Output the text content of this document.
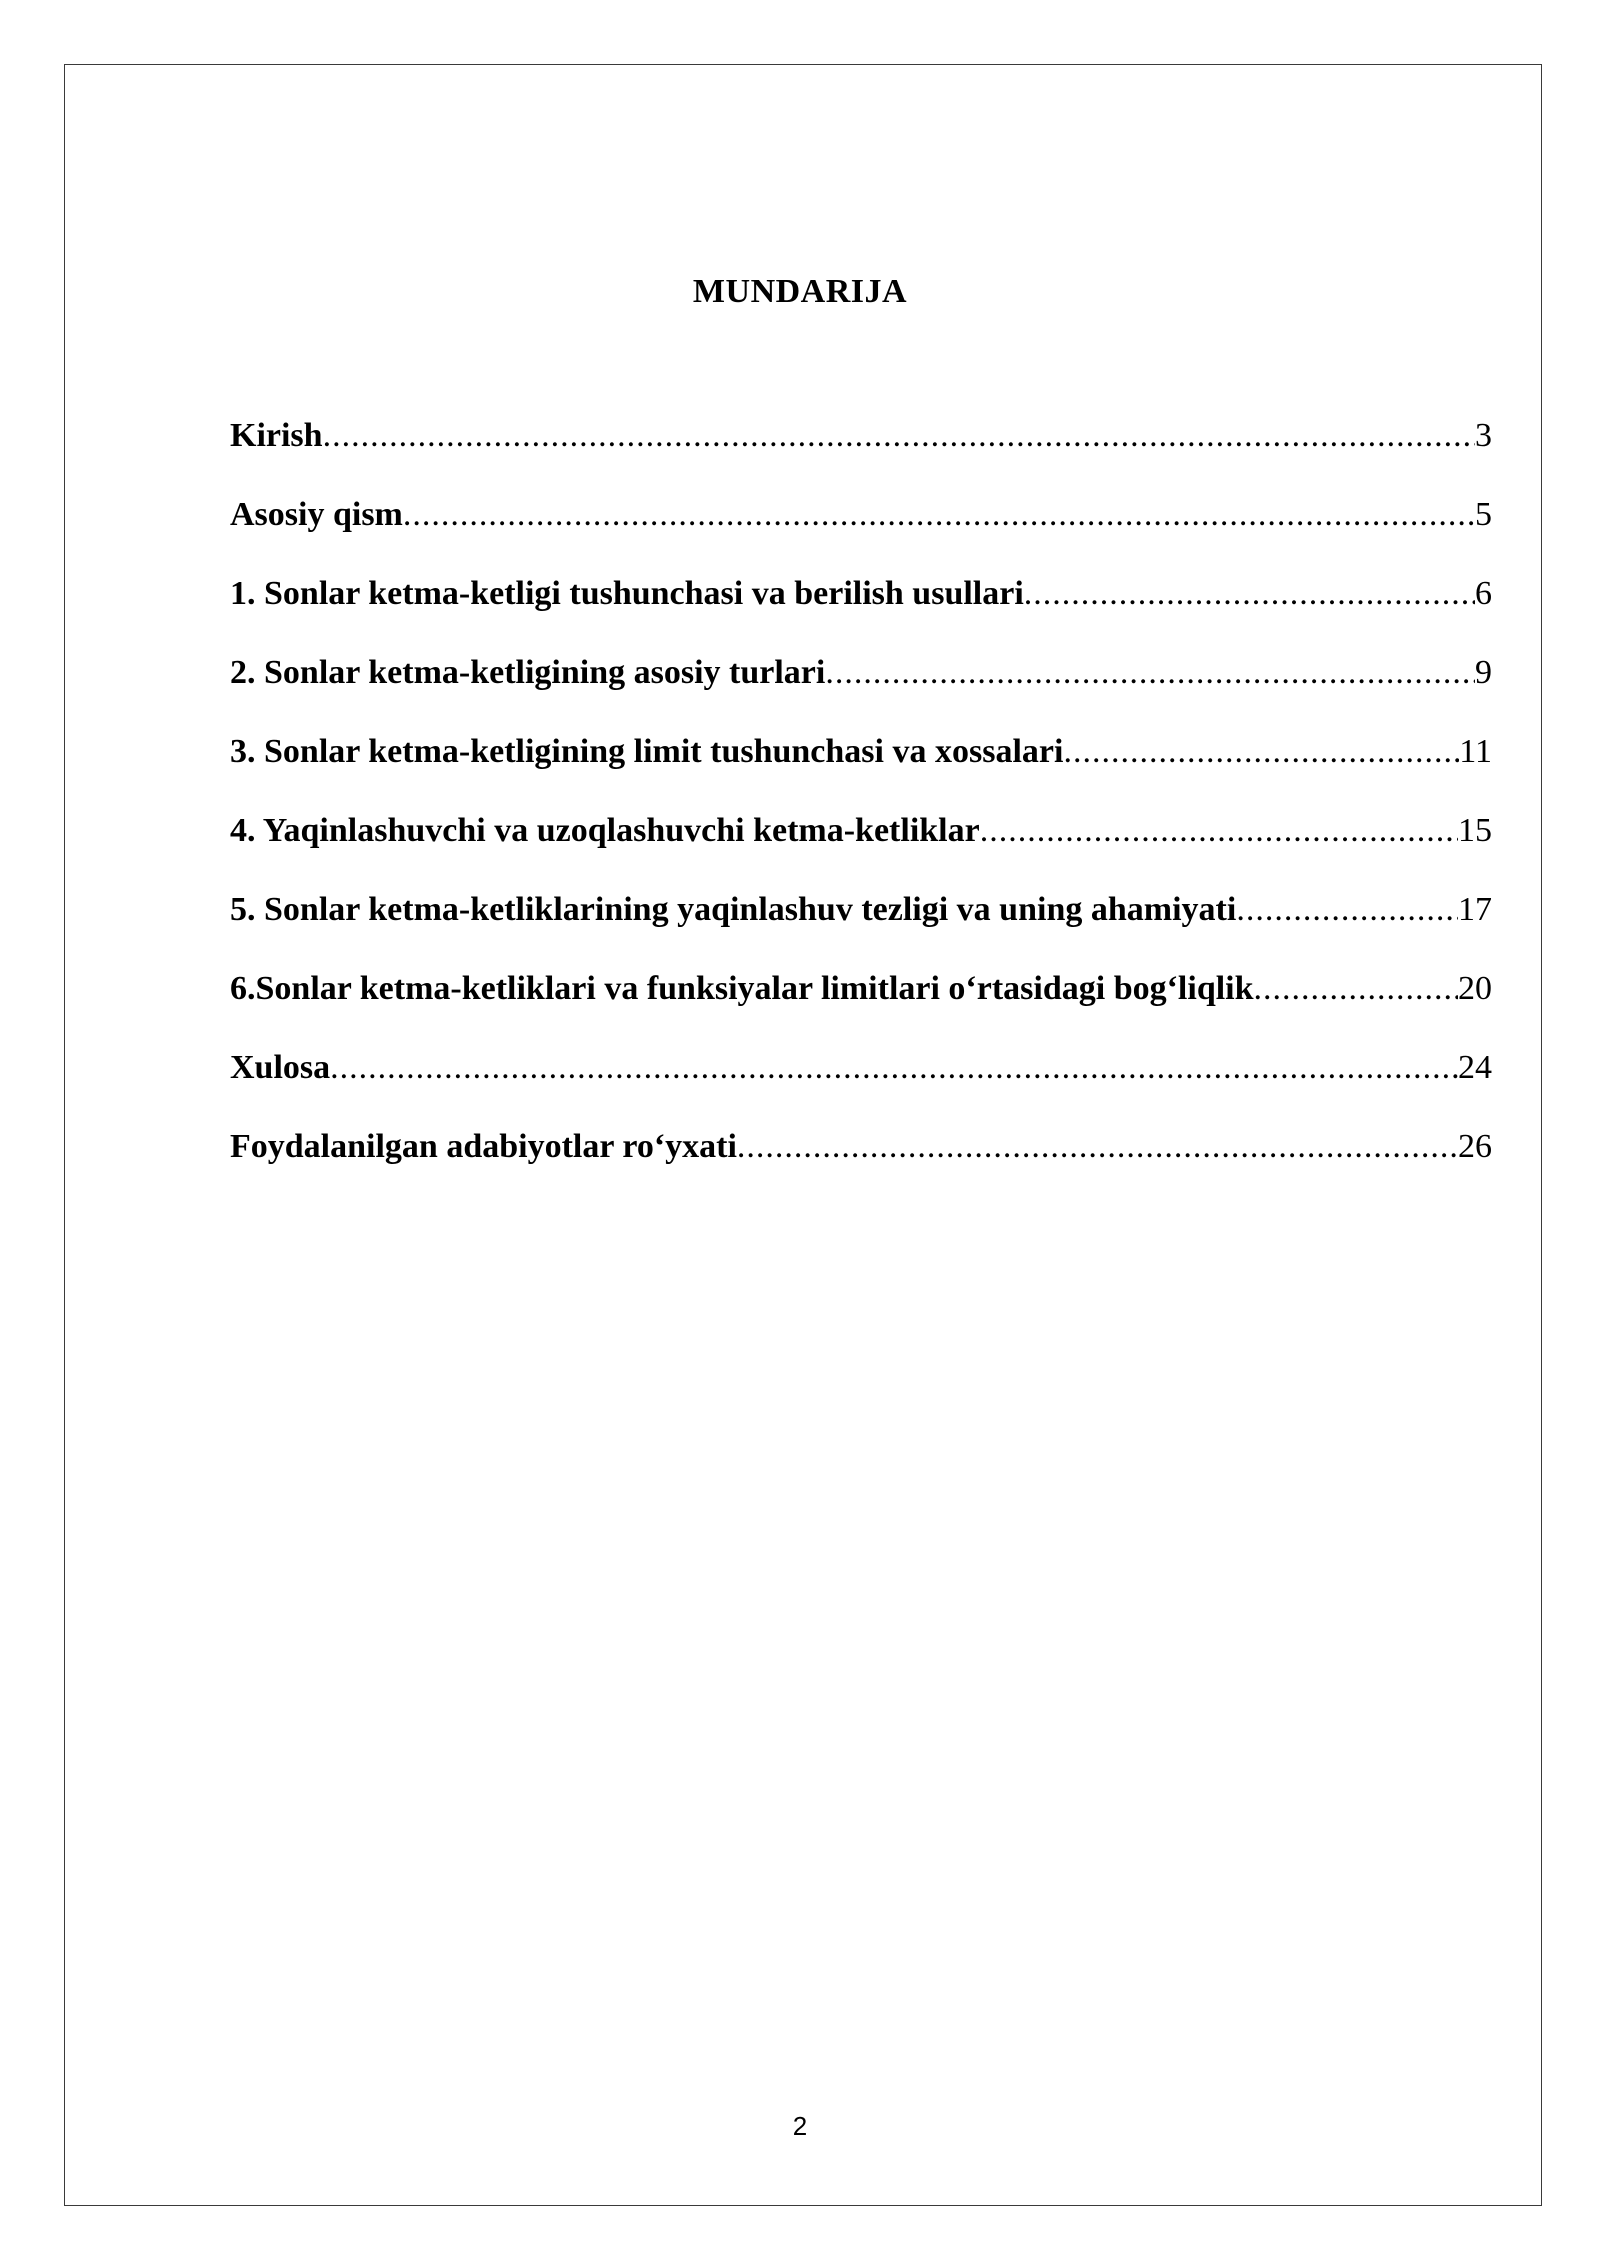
MUNDARIJA
Kirish .....	3
Asosiy qism .....	5
1. Sonlar ketma-ketligi tushunchasi va berilish usullari .....	6
2. Sonlar ketma-ketligining asosiy turlari .....	9
3. Sonlar ketma-ketligining limit tushunchasi va xossalari .....	11
4. Yaqinlashuvchi va uzoqlashuvchi ketma-ketliklar .....	15
5. Sonlar ketma-ketliklarining yaqinlashuv tezligi va uning ahamiyati .....	17
6.Sonlar ketma-ketliklari va funksiyalar limitlari o‘rtasidagi bog‘liqlik .....	20
Xulosa .....	24
Foydalanilgan adabiyotlar ro‘yxati .....	26
2
